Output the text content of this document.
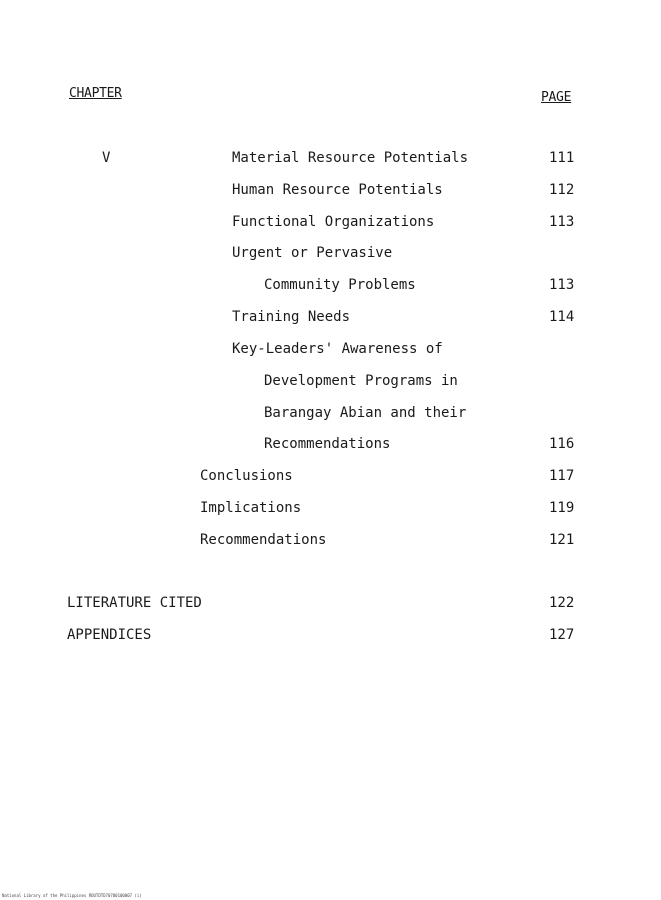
CHAPTER	PAGE
V	Material Resource Potentials	111
Human Resource Potentials	112
Functional Organizations	113
Urgent or Pervasive
Community Problems	113
Training Needs	114
Key-Leaders' Awareness of
Development Programs in
Barangay Abian and their
Recommendations	116
Conclusions	117
Implications	119
Recommendations	121
LITERATURE CITED	122
APPENDICES	127
National Library of the Philippines ROUTDTD70700100007 (i)
